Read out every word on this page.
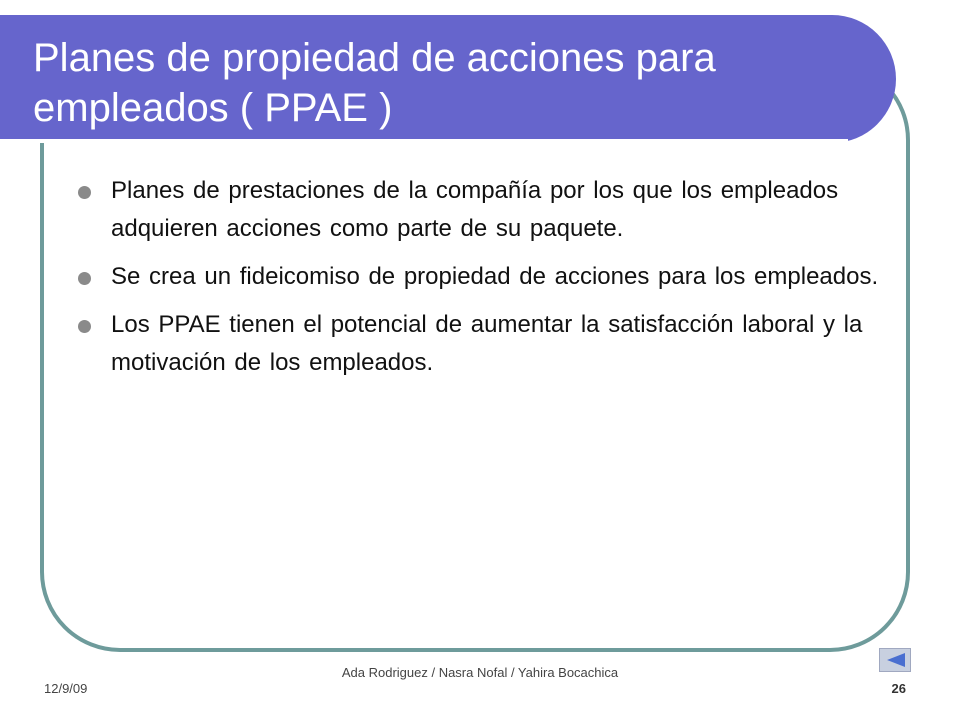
Planes de propiedad de acciones para empleados ( PPAE )
Planes de prestaciones de la compañía por los que los empleados adquieren acciones como parte de su paquete.
Se crea un fideicomiso de propiedad de acciones para los empleados.
Los PPAE tienen el potencial de aumentar la satisfacción laboral y la motivación de los empleados.
12/9/09
Ada Rodriguez / Nasra Nofal / Yahira Bocachica
26
